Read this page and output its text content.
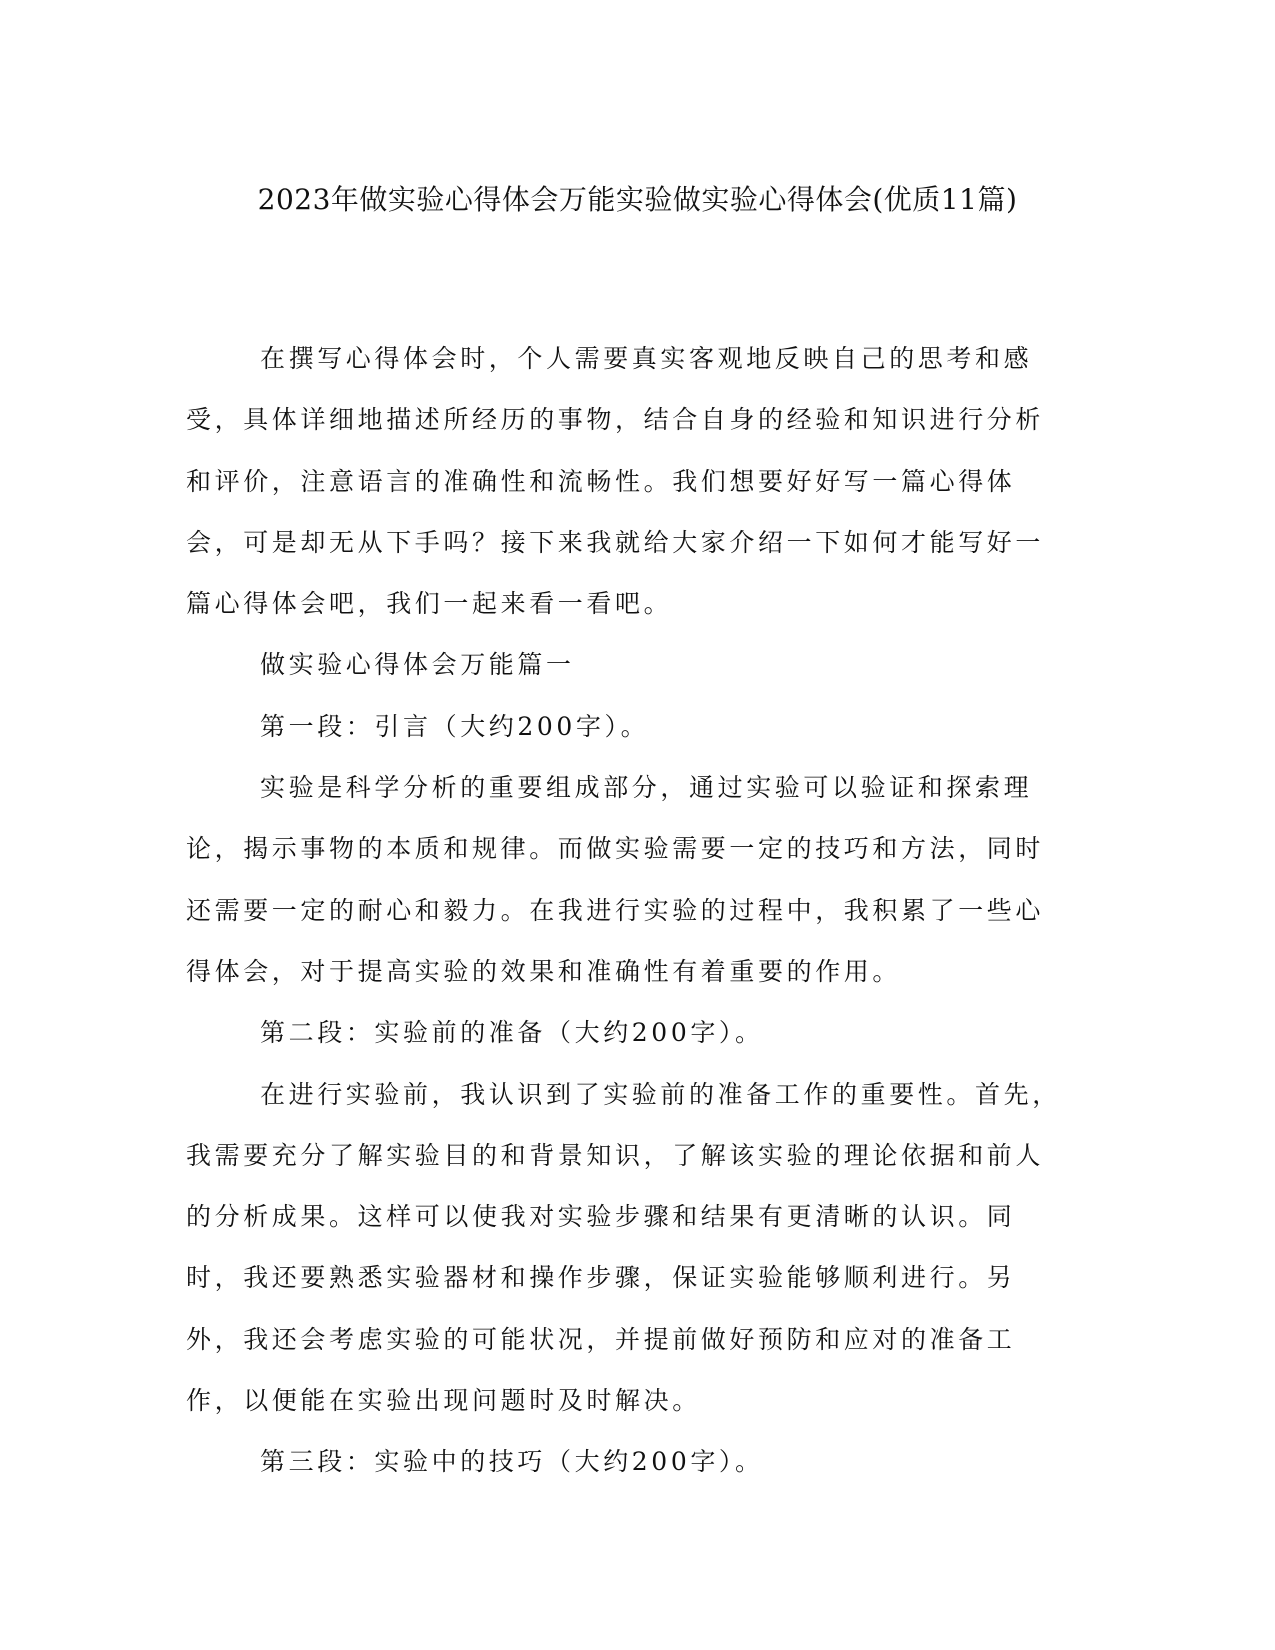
2023年做实验心得体会万能实验做实验心得体会(优质11篇)

在撰写心得体会时，个人需要真实客观地反映自己的思考和感受，具体详细地描述所经历的事物，结合自身的经验和知识进行分析和评价，注意语言的准确性和流畅性。我们想要好好写一篇心得体会，可是却无从下手吗？接下来我就给大家介绍一下如何才能写好一篇心得体会吧，我们一起来看一看吧。

做实验心得体会万能篇一

第一段：引言（大约200字）。

实验是科学分析的重要组成部分，通过实验可以验证和探索理论，揭示事物的本质和规律。而做实验需要一定的技巧和方法，同时还需要一定的耐心和毅力。在我进行实验的过程中，我积累了一些心得体会，对于提高实验的效果和准确性有着重要的作用。

第二段：实验前的准备（大约200字）。

在进行实验前，我认识到了实验前的准备工作的重要性。首先，我需要充分了解实验目的和背景知识，了解该实验的理论依据和前人的分析成果。这样可以使我对实验步骤和结果有更清晰的认识。同时，我还要熟悉实验器材和操作步骤，保证实验能够顺利进行。另外，我还会考虑实验的可能状况，并提前做好预防和应对的准备工作，以便能在实验出现问题时及时解决。

第三段：实验中的技巧（大约200字）。
